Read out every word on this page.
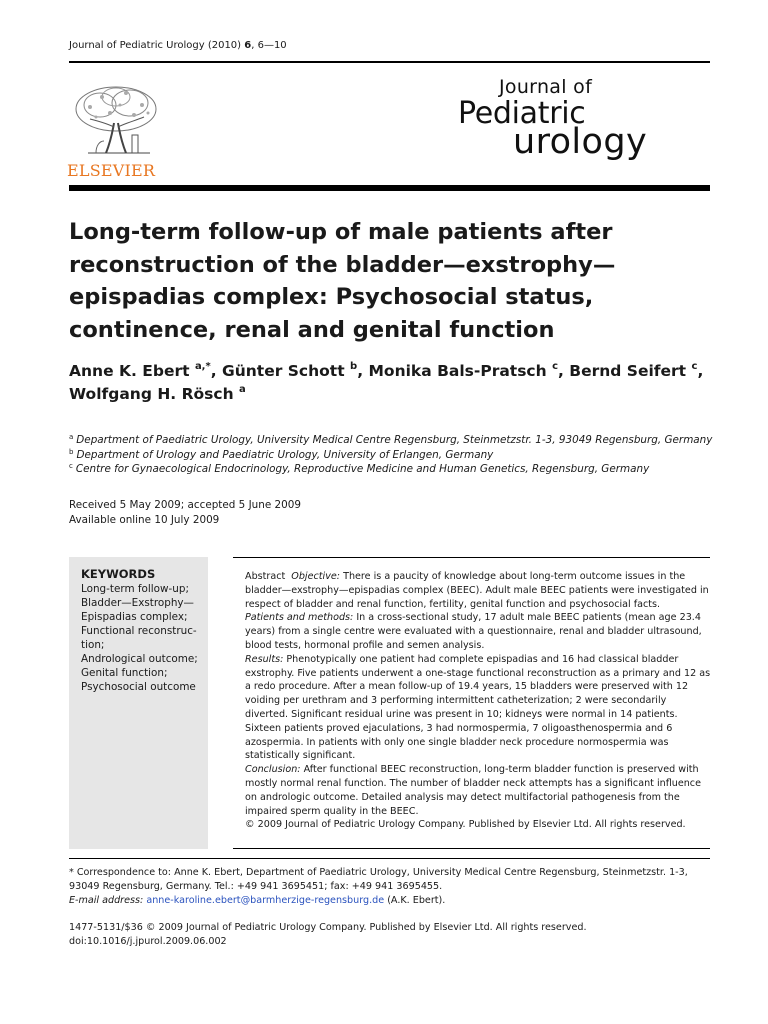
Journal of Pediatric Urology (2010) 6, 6—10
ELSEVIER
Journal of
Pediatric
urology
Long-term follow-up of male patients after reconstruction of the bladder—exstrophy—epispadias complex: Psychosocial status, continence, renal and genital function
Anne K. Ebert $^{a,*}$, Günter Schott $^b$, Monika Bals-Pratsch $^c$, Bernd Seifert $^c$,
Wolfgang H. Rösch $^a$
$^a$ Department of Paediatric Urology, University Medical Centre Regensburg, Steinmetzstr. 1-3, 93049 Regensburg, Germany
$^b$ Department of Urology and Paediatric Urology, University of Erlangen, Germany
$^c$ Centre for Gynaecological Endocrinology, Reproductive Medicine and Human Genetics, Regensburg, Germany
Received 5 May 2009; accepted 5 June 2009
Available online 10 July 2009
KEYWORDS
Long-term follow-up;
Bladder—Exstrophy—
Epispadias complex;
Functional reconstruc-
tion;
Andrological outcome;
Genital function;
Psychosocial outcome

Abstract Objective: There is a paucity of knowledge about long-term outcome issues in the bladder—exstrophy—epispadias complex (BEEC). Adult male BEEC patients were investigated in respect of bladder and renal function, fertility, genital function and psychosocial facts.

Patients and methods: In a cross-sectional study, 17 adult male BEEC patients (mean age 23.4 years) from a single centre were evaluated with a questionnaire, renal and bladder ultrasound, blood tests, hormonal profile and semen analysis.

Results: Phenotypically one patient had complete epispadias and 16 had classical bladder exstrophy. Five patients underwent a one-stage functional reconstruction as a primary and 12 as a redo procedure. After a mean follow-up of 19.4 years, 15 bladders were preserved with 12 voiding per urethram and 3 performing intermittent catheterization; 2 were secondarily diverted. Significant residual urine was present in 10; kidneys were normal in 14 patients. Sixteen patients proved ejaculations, 3 had normospermia, 7 oligoasthenospermia and 6 azospermia. In patients with only one single bladder neck procedure normospermia was statistically significant.

Conclusion: After functional BEEC reconstruction, long-term bladder function is preserved with mostly normal renal function. The number of bladder neck attempts has a significant influence on andrologic outcome. Detailed analysis may detect multifactorial pathogenesis from the impaired sperm quality in the BEEC.

© 2009 Journal of Pediatric Urology Company. Published by Elsevier Ltd. All rights reserved.

* Correspondence to: Anne K. Ebert, Department of Paediatric Urology, University Medical Centre Regensburg, Steinmetzstr. 1-3, 93049 Regensburg, Germany. Tel.: +49 941 3695451; fax: +49 941 3695455.
E-mail address: anne-karoline.ebert@barmherzige-regensburg.de (A.K. Ebert).
1477-5131/$36 © 2009 Journal of Pediatric Urology Company. Published by Elsevier Ltd. All rights reserved.
doi:10.1016/j.jpurol.2009.06.002
